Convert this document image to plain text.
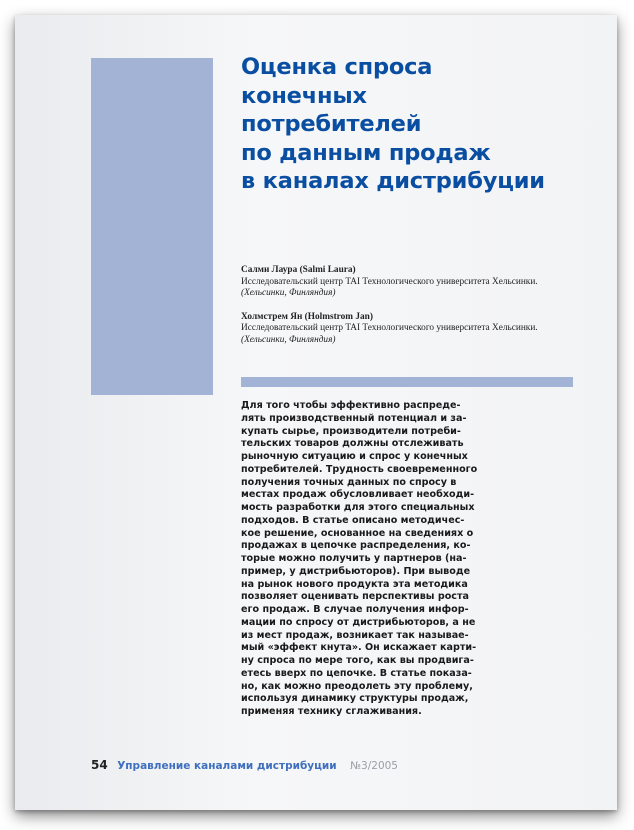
Оценка спроса
конечных
потребителей
по данным продаж
в каналах дистрибуции
Салми Лаура (Salmi Laura)
Исследовательский центр TAI Технологического университета Хельсинки.
(Хельсинки, Финляндия)
Холмстрем Ян (Holmstrom Jan)
Исследовательский центр TAI Технологического университета Хельсинки.
(Хельсинки, Финляндия)
Для того чтобы эффективно распреде-
лять производственный потенциал и за-
купать сырье, производители потреби-
тельских товаров должны отслеживать
рыночную ситуацию и спрос у конечных
потребителей. Трудность своевременного
получения точных данных по спросу в
местах продаж обусловливает необходи-
мость разработки для этого специальных
подходов. В статье описано методичес-
кое решение, основанное на сведениях о
продажах в цепочке распределения, ко-
торые можно получить у партнеров (на-
пример, у дистрибьюторов). При выводе
на рынок нового продукта эта методика
позволяет оценивать перспективы роста
его продаж. В случае получения инфор-
мации по спросу от дистрибьюторов, а не
из мест продаж, возникает так называе-
мый «эффект кнута». Он искажает карти-
ну спроса по мере того, как вы продвига-
етесь вверх по цепочке. В статье показа-
но, как можно преодолеть эту проблему,
используя динамику структуры продаж,
применяя технику сглаживания.
54 Управление каналами дистрибуции №3/2005
